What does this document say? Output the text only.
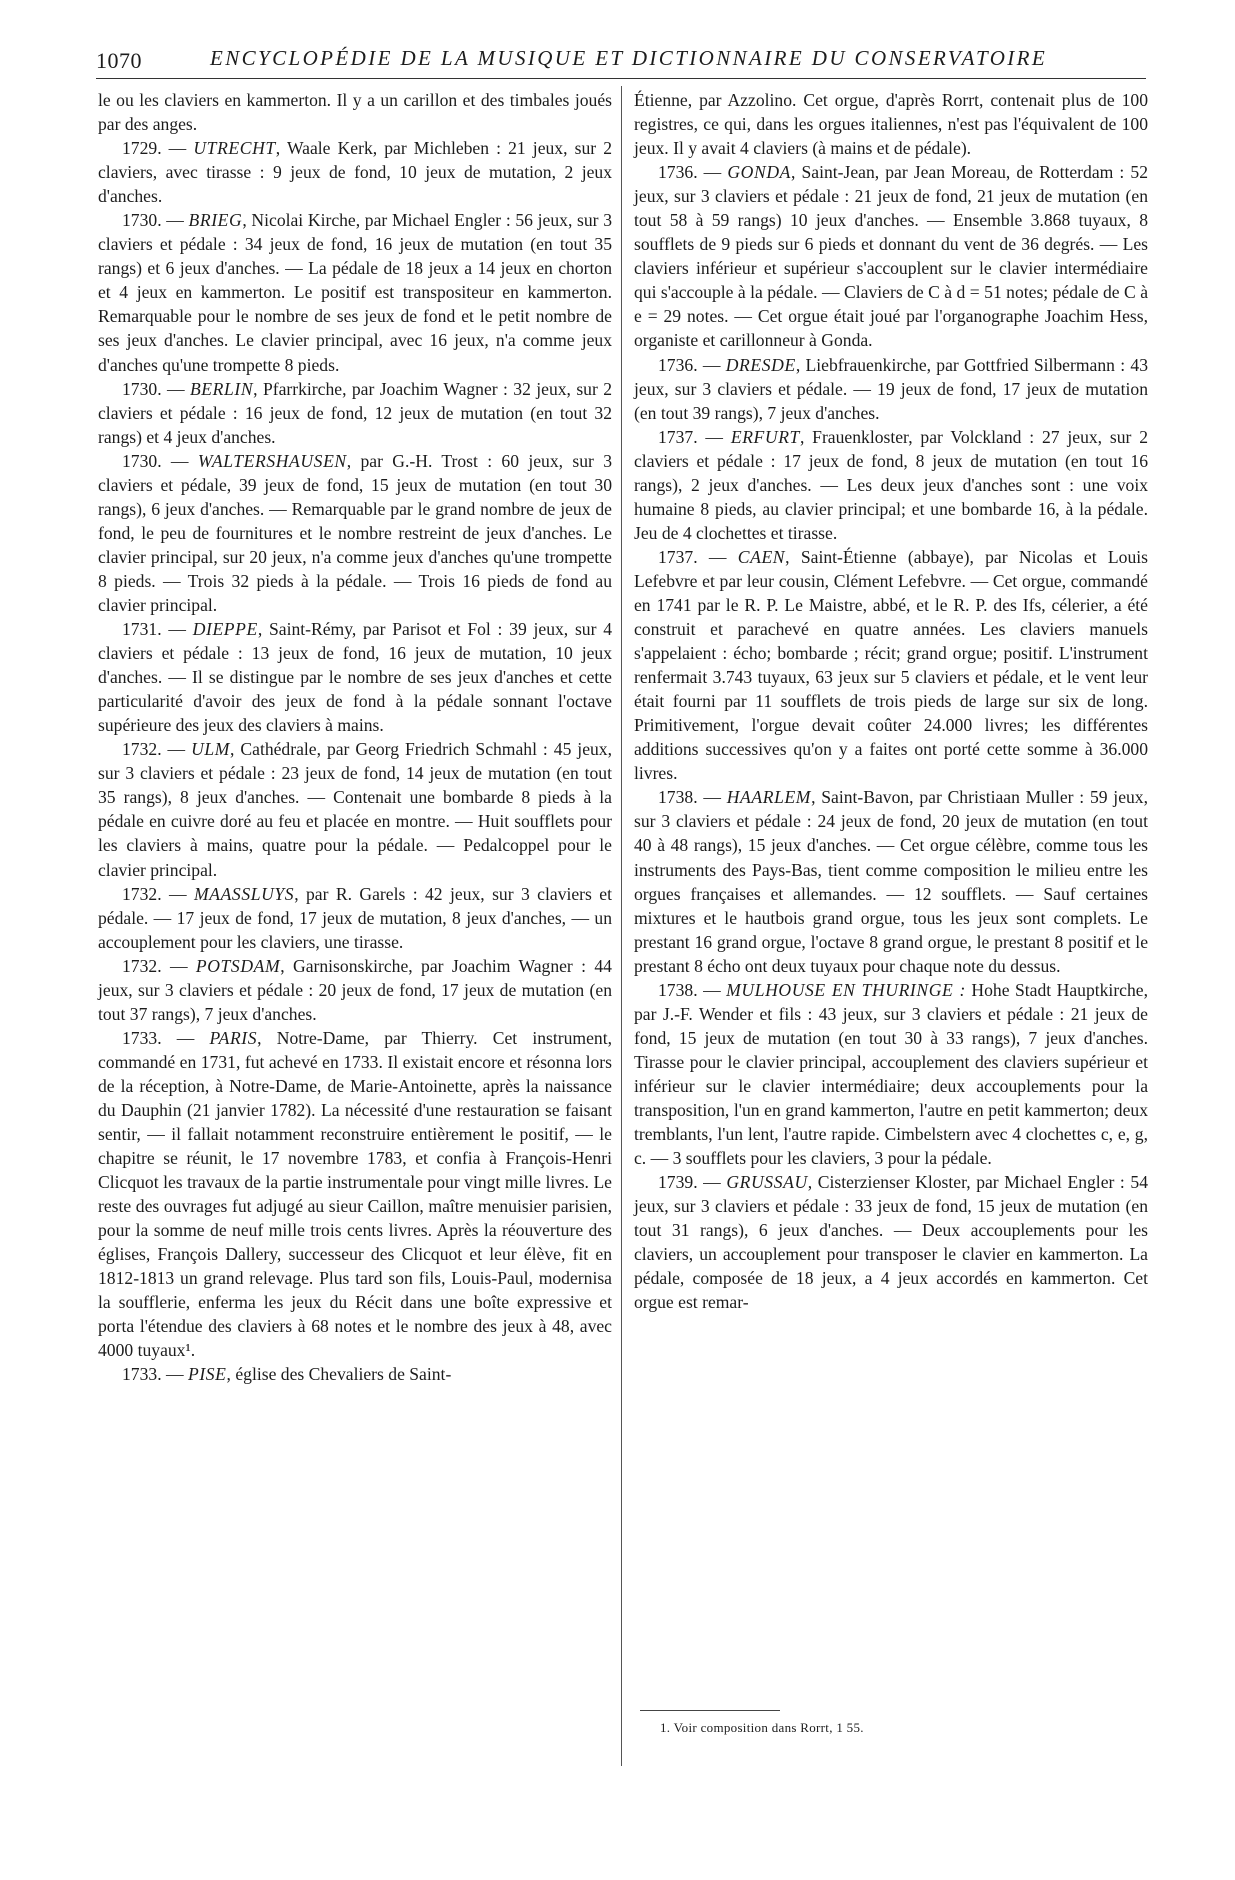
1070	ENCYCLOPÉDIE DE LA MUSIQUE ET DICTIONNAIRE DU CONSERVATOIRE

le ou les claviers en kammerton. Il y a un carillon et des timbales joués par des anges.

1729. — UTRECHT, Waale Kerk, par Michleben : 21 jeux, sur 2 claviers, avec tirasse : 9 jeux de fond, 10 jeux de mutation, 2 jeux d'anches.

1730. — BRIEG, Nicolai Kirche, par Michael Engler : 56 jeux, sur 3 claviers et pédale : 34 jeux de fond, 16 jeux de mutation (en tout 35 rangs) et 6 jeux d'anches. — La pédale de 18 jeux a 14 jeux en chorton et 4 jeux en kammerton. Le positif est transpositeur en kammerton. Remarquable pour le nombre de ses jeux de fond et le petit nombre de ses jeux d'anches. Le clavier principal, avec 16 jeux, n'a comme jeux d'anches qu'une trompette 8 pieds.

1730. — BERLIN, Pfarrkirche, par Joachim Wagner : 32 jeux, sur 2 claviers et pédale : 16 jeux de fond, 12 jeux de mutation (en tout 32 rangs) et 4 jeux d'anches.

1730. — WALTERSHAUSEN, par G.-H. Trost : 60 jeux, sur 3 claviers et pédale, 39 jeux de fond, 15 jeux de mutation (en tout 30 rangs), 6 jeux d'anches. — Remarquable par le grand nombre de jeux de fond, le peu de fournitures et le nombre restreint de jeux d'anches. Le clavier principal, sur 20 jeux, n'a comme jeux d'anches qu'une trompette 8 pieds. — Trois 32 pieds à la pédale. — Trois 16 pieds de fond au clavier principal.

1731. — DIEPPE, Saint-Rémy, par Parisot et Fol : 39 jeux, sur 4 claviers et pédale : 13 jeux de fond, 16 jeux de mutation, 10 jeux d'anches. — Il se distingue par le nombre de ses jeux d'anches et cette particularité d'avoir des jeux de fond à la pédale sonnant l'octave supérieure des jeux des claviers à mains.

1732. — ULM, Cathédrale, par Georg Friedrich Schmahl : 45 jeux, sur 3 claviers et pédale : 23 jeux de fond, 14 jeux de mutation (en tout 35 rangs), 8 jeux d'anches. — Contenait une bombarde 8 pieds à la pédale en cuivre doré au feu et placée en montre. — Huit soufflets pour les claviers à mains, quatre pour la pédale. — Pedalcoppel pour le clavier principal.

1732. — MAASSLUYS, par R. Garels : 42 jeux, sur 3 claviers et pédale. — 17 jeux de fond, 17 jeux de mutation, 8 jeux d'anches, — un accouplement pour les claviers, une tirasse.

1732. — POTSDAM, Garnisonskirche, par Joachim Wagner : 44 jeux, sur 3 claviers et pédale : 20 jeux de fond, 17 jeux de mutation (en tout 37 rangs), 7 jeux d'anches.

1733. — PARIS, Notre-Dame, par Thierry. Cet instrument, commandé en 1731, fut achevé en 1733. Il existait encore et résonna lors de la réception, à Notre-Dame, de Marie-Antoinette, après la naissance du Dauphin (21 janvier 1782). La nécessité d'une restauration se faisant sentir, — il fallait notamment reconstruire entièrement le positif, — le chapitre se réunit, le 17 novembre 1783, et confia à François-Henri Clicquot les travaux de la partie instrumentale pour vingt mille livres. Le reste des ouvrages fut adjugé au sieur Caillon, maître menuisier parisien, pour la somme de neuf mille trois cents livres. Après la réouverture des églises, François Dallery, successeur des Clicquot et leur élève, fit en 1812-1813 un grand relevage. Plus tard son fils, Louis-Paul, modernisa la soufflerie, enferma les jeux du Récit dans une boîte expressive et porta l'étendue des claviers à 68 notes et le nombre des jeux à 48, avec 4000 tuyaux¹.

1733. — PISE, église des Chevaliers de Saint-

Étienne, par Azzolino. Cet orgue, d'après Rorrt, contenait plus de 100 registres, ce qui, dans les orgues italiennes, n'est pas l'équivalent de 100 jeux. Il y avait 4 claviers (à mains et de pédale).

1736. — GONDA, Saint-Jean, par Jean Moreau, de Rotterdam : 52 jeux, sur 3 claviers et pédale : 21 jeux de fond, 21 jeux de mutation (en tout 58 à 59 rangs) 10 jeux d'anches. — Ensemble 3.868 tuyaux, 8 soufflets de 9 pieds sur 6 pieds et donnant du vent de 36 degrés. — Les claviers inférieur et supérieur s'accouplent sur le clavier intermédiaire qui s'accouple à la pédale. — Claviers de C à d = 51 notes; pédale de C à e = 29 notes. — Cet orgue était joué par l'organographe Joachim Hess, organiste et carillonneur à Gonda.

1736. — DRESDE, Liebfrauenkirche, par Gottfried Silbermann : 43 jeux, sur 3 claviers et pédale. — 19 jeux de fond, 17 jeux de mutation (en tout 39 rangs), 7 jeux d'anches.

1737. — ERFURT, Frauenkloster, par Volckland : 27 jeux, sur 2 claviers et pédale : 17 jeux de fond, 8 jeux de mutation (en tout 16 rangs), 2 jeux d'anches. — Les deux jeux d'anches sont : une voix humaine 8 pieds, au clavier principal; et une bombarde 16, à la pédale. Jeu de 4 clochettes et tirasse.

1737. — CAEN, Saint-Étienne (abbaye), par Nicolas et Louis Lefebvre et par leur cousin, Clément Lefebvre. — Cet orgue, commandé en 1741 par le R. P. Le Maistre, abbé, et le R. P. des Ifs, célerier, a été construit et parachevé en quatre années. Les claviers manuels s'appelaient : écho; bombarde ; récit; grand orgue; positif. L'instrument renfermait 3.743 tuyaux, 63 jeux sur 5 claviers et pédale, et le vent leur était fourni par 11 soufflets de trois pieds de large sur six de long. Primitivement, l'orgue devait coûter 24.000 livres; les différentes additions successives qu'on y a faites ont porté cette somme à 36.000 livres.

1738. — HAARLEM, Saint-Bavon, par Christiaan Muller : 59 jeux, sur 3 claviers et pédale : 24 jeux de fond, 20 jeux de mutation (en tout 40 à 48 rangs), 15 jeux d'anches. — Cet orgue célèbre, comme tous les instruments des Pays-Bas, tient comme composition le milieu entre les orgues françaises et allemandes. — 12 soufflets. — Sauf certaines mixtures et le hautbois grand orgue, tous les jeux sont complets. Le prestant 16 grand orgue, l'octave 8 grand orgue, le prestant 8 positif et le prestant 8 écho ont deux tuyaux pour chaque note du dessus.

1738. — MULHOUSE EN THURINGE : Hohe Stadt Hauptkirche, par J.-F. Wender et fils : 43 jeux, sur 3 claviers et pédale : 21 jeux de fond, 15 jeux de mutation (en tout 30 à 33 rangs), 7 jeux d'anches. Tirasse pour le clavier principal, accouplement des claviers supérieur et inférieur sur le clavier intermédiaire; deux accouplements pour la transposition, l'un en grand kammerton, l'autre en petit kammerton; deux tremblants, l'un lent, l'autre rapide. Cimbelstern avec 4 clochettes c, e, g, c. — 3 soufflets pour les claviers, 3 pour la pédale.

1739. — GRUSSAU, Cisterzienser Kloster, par Michael Engler : 54 jeux, sur 3 claviers et pédale : 33 jeux de fond, 15 jeux de mutation (en tout 31 rangs), 6 jeux d'anches. — Deux accouplements pour les claviers, un accouplement pour transposer le clavier en kammerton. La pédale, composée de 18 jeux, a 4 jeux accordés en kammerton. Cet orgue est remar-

1. Voir composition dans Rorrt, 1 55.
